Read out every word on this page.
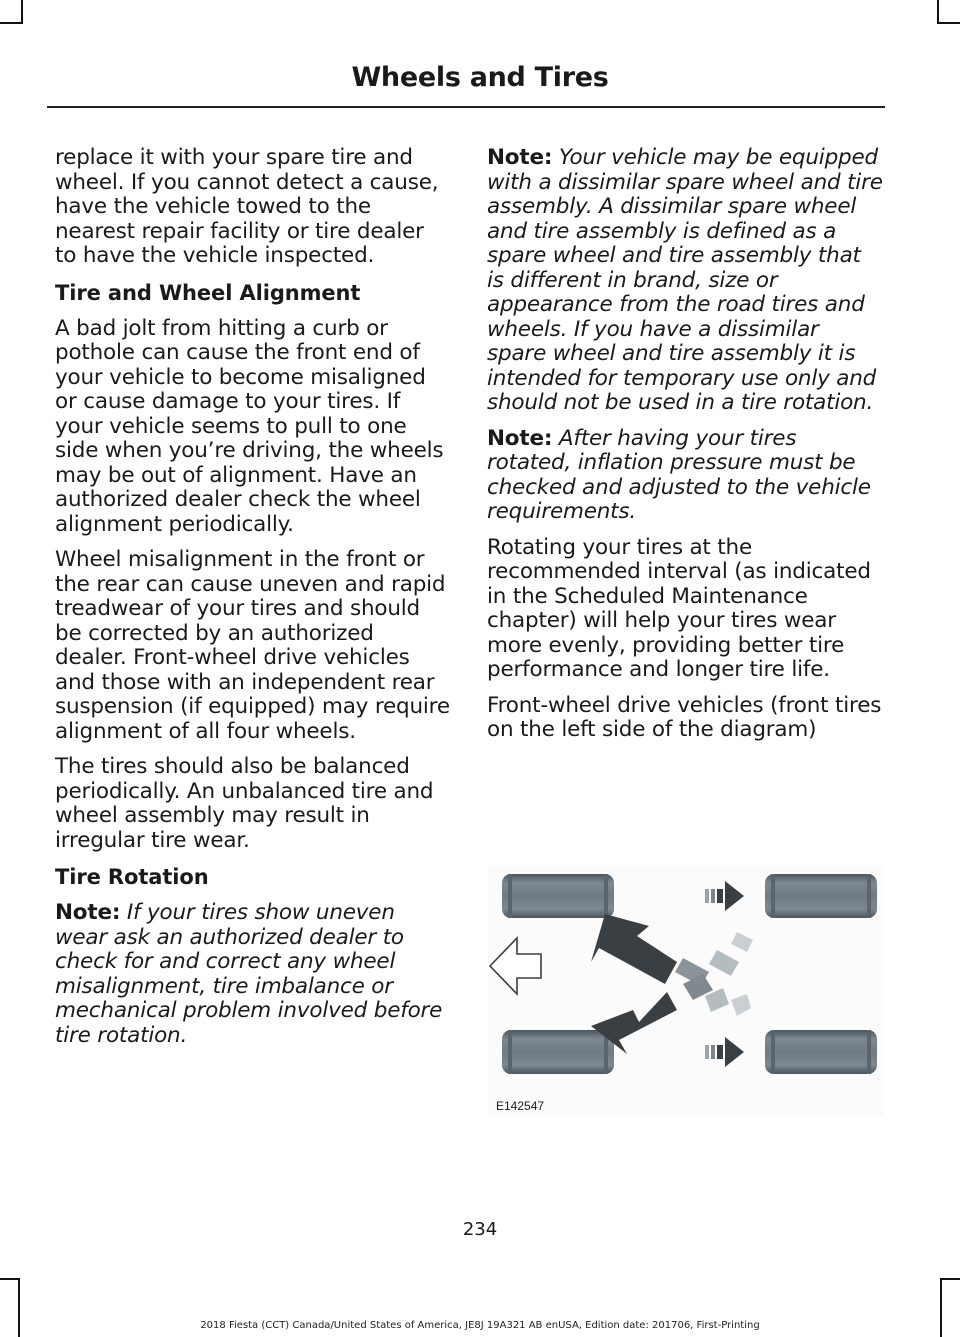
Wheels and Tires

replace it with your spare tire and wheel. If you cannot detect a cause, have the vehicle towed to the nearest repair facility or tire dealer to have the vehicle inspected.

Tire and Wheel Alignment

A bad jolt from hitting a curb or pothole can cause the front end of your vehicle to become misaligned or cause damage to your tires. If your vehicle seems to pull to one side when you’re driving, the wheels may be out of alignment. Have an authorized dealer check the wheel alignment periodically.

Wheel misalignment in the front or the rear can cause uneven and rapid treadwear of your tires and should be corrected by an authorized dealer. Front-wheel drive vehicles and those with an independent rear suspension (if equipped) may require alignment of all four wheels.

The tires should also be balanced periodically. An unbalanced tire and wheel assembly may result in irregular tire wear.

Tire Rotation

Note: If your tires show uneven wear ask an authorized dealer to check for and correct any wheel misalignment, tire imbalance or mechanical problem involved before tire rotation.

Note: Your vehicle may be equipped with a dissimilar spare wheel and tire assembly. A dissimilar spare wheel and tire assembly is defined as a spare wheel and tire assembly that is different in brand, size or appearance from the road tires and wheels. If you have a dissimilar spare wheel and tire assembly it is intended for temporary use only and should not be used in a tire rotation.

Note: After having your tires rotated, inflation pressure must be checked and adjusted to the vehicle requirements.

Rotating your tires at the recommended interval (as indicated in the Scheduled Maintenance chapter) will help your tires wear more evenly, providing better tire performance and longer tire life.

Front-wheel drive vehicles (front tires on the left side of the diagram)

E142547
234
2018 Fiesta (CCT) Canada/United States of America, JE8J 19A321 AB enUSA, Edition date: 201706, First-Printing
